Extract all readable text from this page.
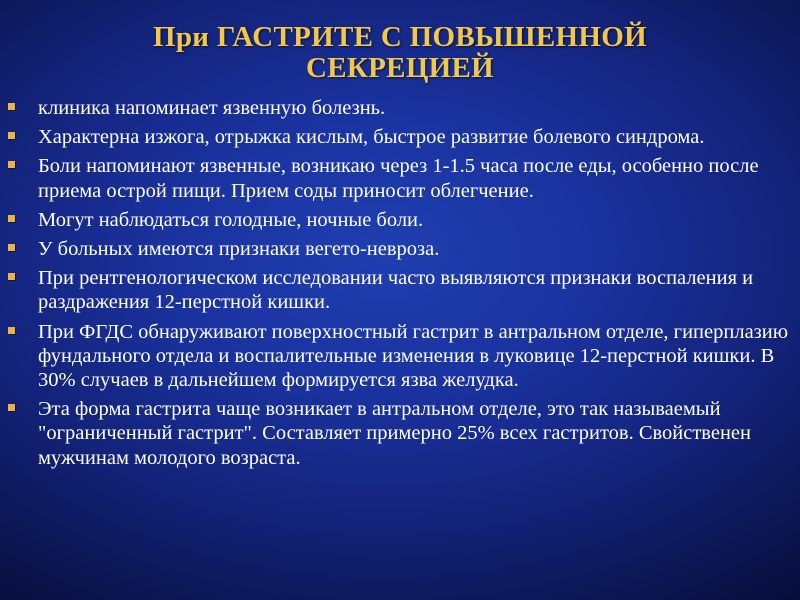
При ГАСТРИТЕ С ПОВЫШЕННОЙ
СЕКРЕЦИЕЙ
клиника напоминает язвенную болезнь.
Характерна изжога, отрыжка кислым, быстрое развитие болевого синдрома.
Боли напоминают язвенные, возникаю через 1-1.5 часа после еды, особенно после приема острой пищи. Прием соды приносит облегчение.
Могут наблюдаться голодные, ночные боли.
У больных имеются признаки вегето-невроза.
При рентгенологическом исследовании часто выявляются признаки воспаления и раздражения 12-перстной кишки.
При ФГДС обнаруживают поверхностный гастрит в антральном отделе, гиперплазию фундального отдела и воспалительные изменения в луковице 12-перстной кишки. В 30% случаев в дальнейшем формируется язва желудка.
Эта форма гастрита чаще возникает в антральном отделе, это так называемый "ограниченный гастрит". Составляет примерно 25% всех гастритов. Свойственен мужчинам молодого возраста.
